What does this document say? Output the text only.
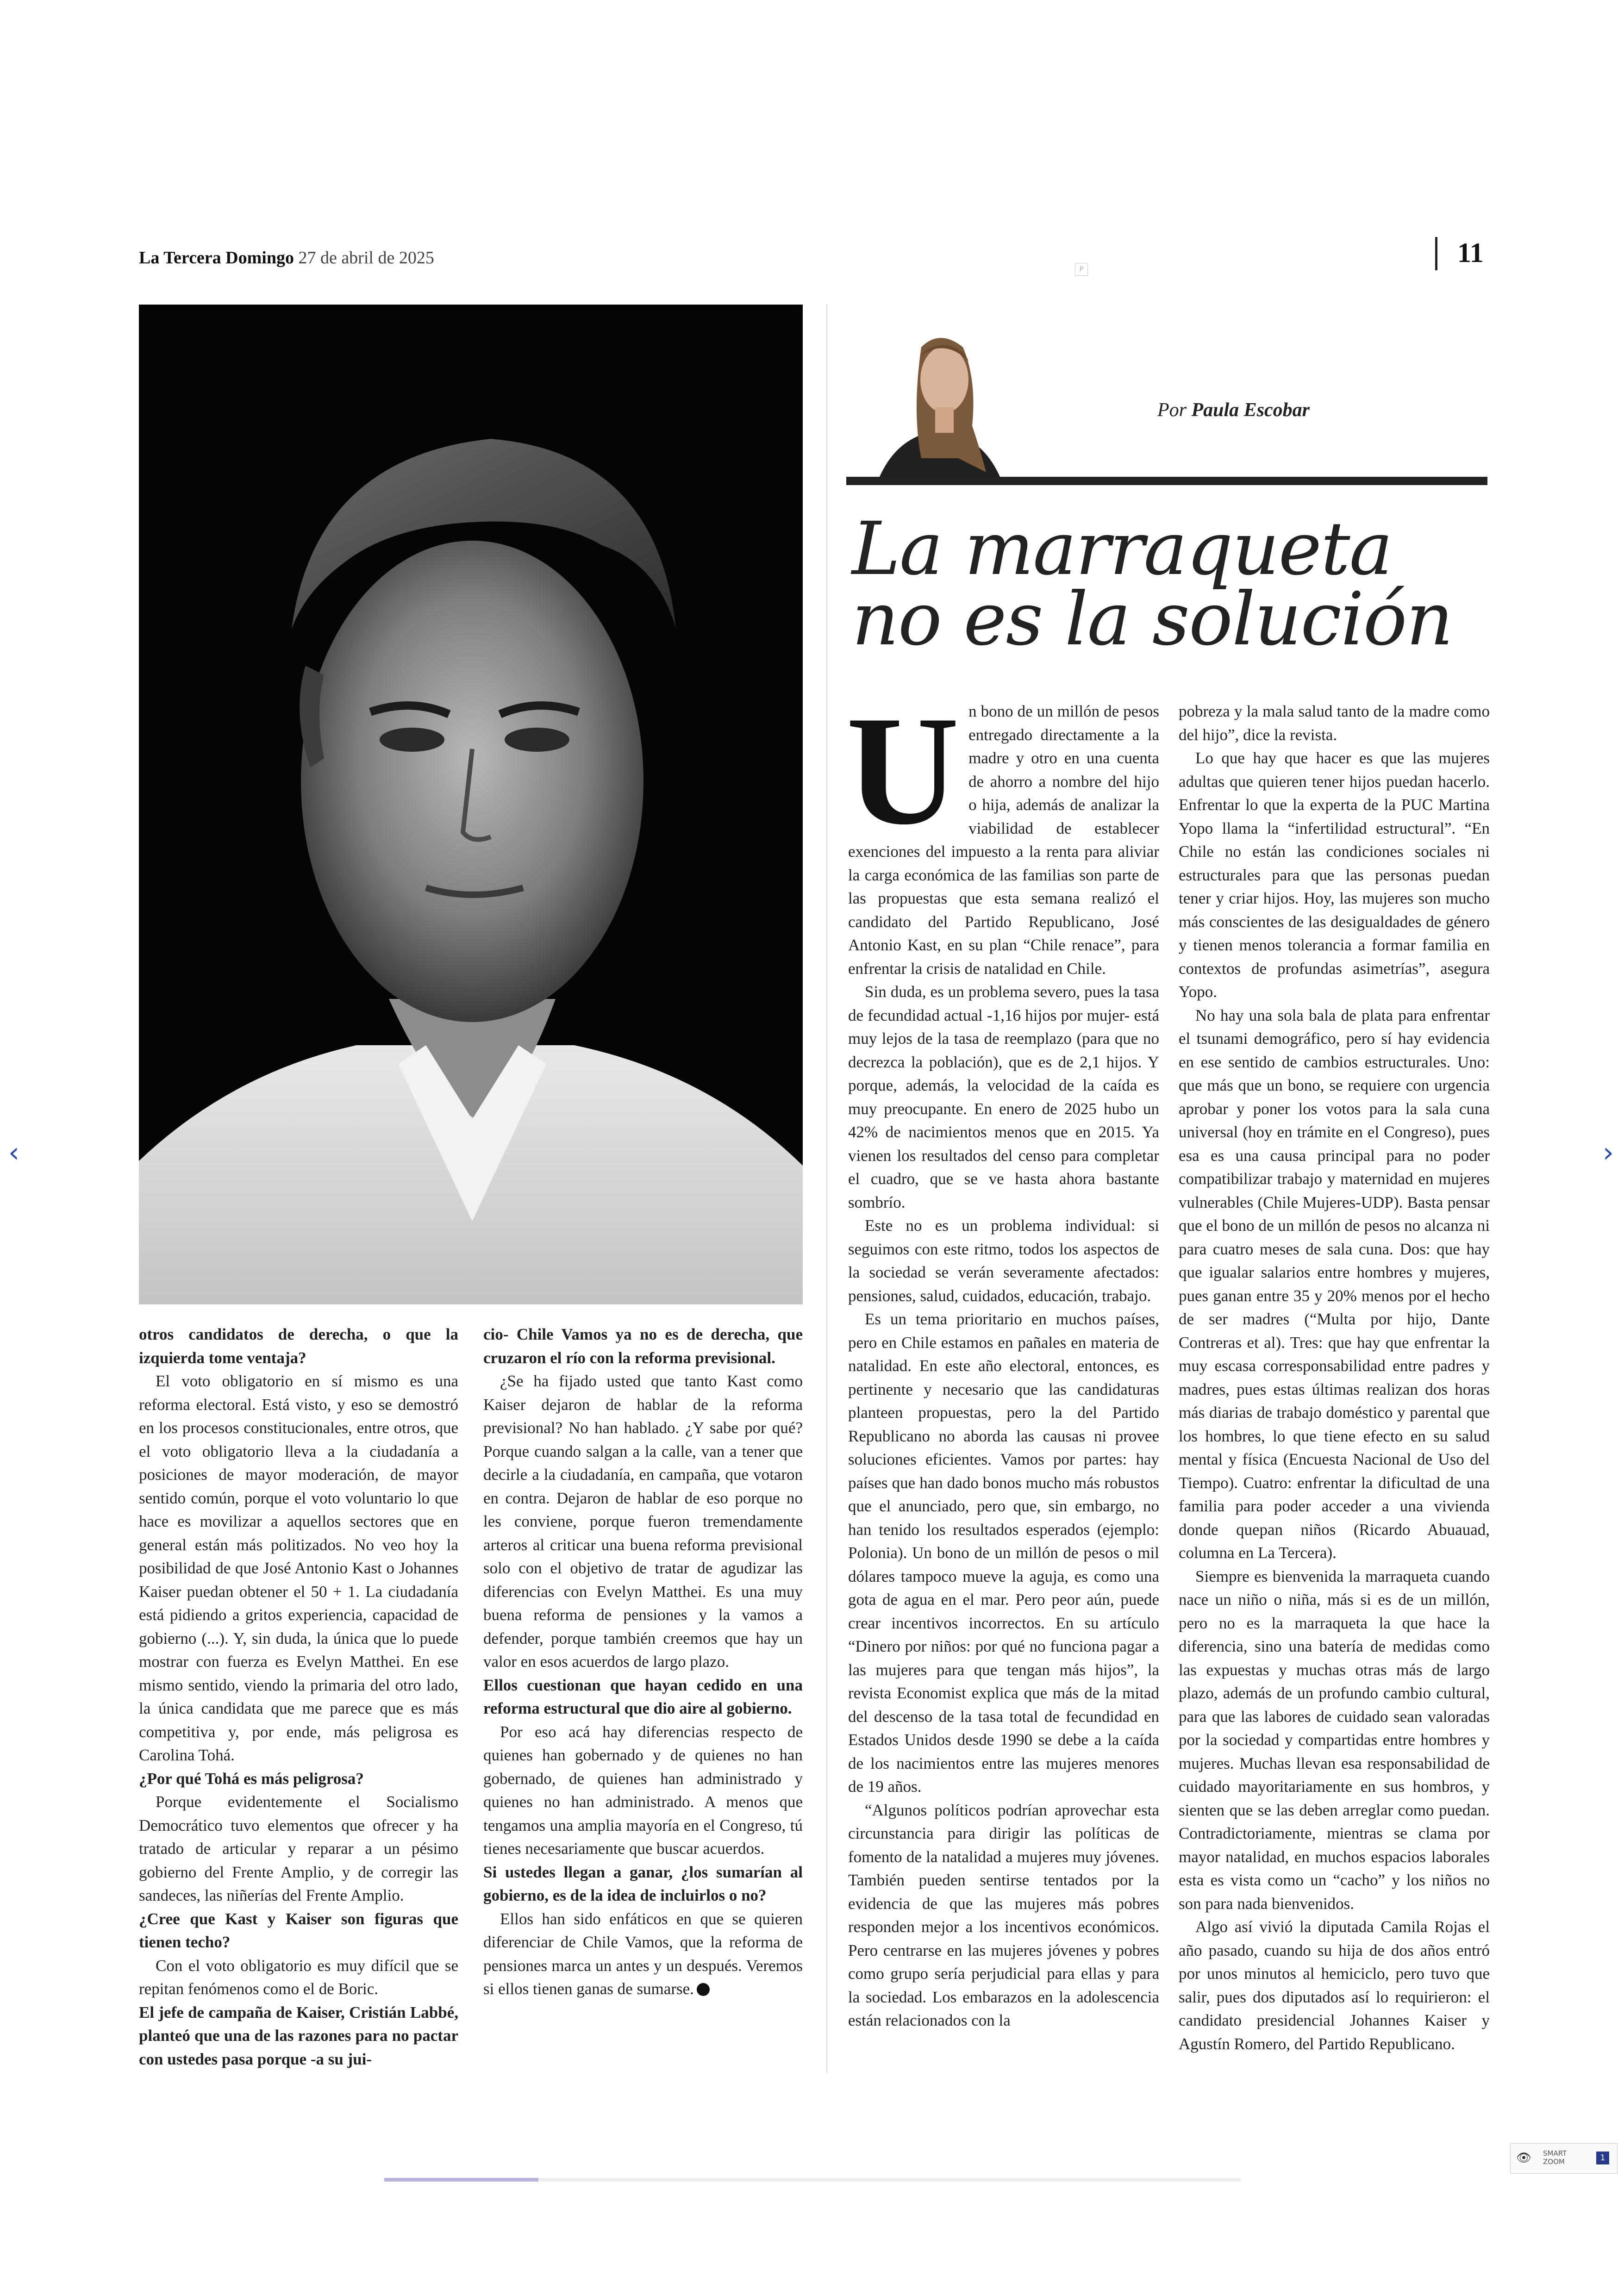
La Tercera Domingo 27 de abril de 2025	11
P
Por Paula Escobar
La marraqueta
no es la solución

otros candidatos de derecha, o que la izquierda tome ventaja?

El voto obligatorio en sí mismo es una reforma electoral. Está visto, y eso se demostró en los procesos constitucionales, entre otros, que el voto obligatorio lleva a la ciudadanía a posiciones de mayor moderación, de mayor sentido común, porque el voto voluntario lo que hace es movilizar a aquellos sectores que en general están más politizados. No veo hoy la posibilidad de que José Antonio Kast o Johannes Kaiser puedan obtener el 50 + 1. La ciudadanía está pidiendo a gritos experiencia, capacidad de gobierno (...). Y, sin duda, la única que lo puede mostrar con fuerza es Evelyn Matthei. En ese mismo sentido, viendo la primaria del otro lado, la única candidata que me parece que es más competitiva y, por ende, más peligrosa es Carolina Tohá.

¿Por qué Tohá es más peligrosa?

Porque evidentemente el Socialismo Democrático tuvo elementos que ofrecer y ha tratado de articular y reparar a un pésimo gobierno del Frente Amplio, y de corregir las sandeces, las niñerías del Frente Amplio.

¿Cree que Kast y Kaiser son figuras que tienen techo?

Con el voto obligatorio es muy difícil que se repitan fenómenos como el de Boric.

El jefe de campaña de Kaiser, Cristián Labbé, planteó que una de las razones para no pactar con ustedes pasa porque -a su jui-

cio- Chile Vamos ya no es de derecha, que cruzaron el río con la reforma previsional.

¿Se ha fijado usted que tanto Kast como Kaiser dejaron de hablar de la reforma previsional? No han hablado. ¿Y sabe por qué? Porque cuando salgan a la calle, van a tener que decirle a la ciudadanía, en campaña, que votaron en contra. Dejaron de hablar de eso porque no les conviene, porque fueron tremendamente arteros al criticar una buena reforma previsional solo con el objetivo de tratar de agudizar las diferencias con Evelyn Matthei. Es una muy buena reforma de pensiones y la vamos a defender, porque también creemos que hay un valor en esos acuerdos de largo plazo.

Ellos cuestionan que hayan cedido en una reforma estructural que dio aire al gobierno.

Por eso acá hay diferencias respecto de quienes han gobernado y de quienes no han gobernado, de quienes han administrado y quienes no han administrado. A menos que tengamos una amplia mayoría en el Congreso, tú tienes necesariamente que buscar acuerdos.

Si ustedes llegan a ganar, ¿los sumarían al gobierno, es de la idea de incluirlos o no?

Ellos han sido enfáticos en que se quieren diferenciar de Chile Vamos, que la reforma de pensiones marca un antes y un después. Veremos si ellos tienen ganas de sumarse.

U n bono de un millón de pesos entregado directamente a la madre y otro en una cuenta de ahorro a nombre del hijo o hija, además de analizar la viabilidad de establecer exenciones del impuesto a la renta para aliviar la carga económica de las familias son parte de las propuestas que esta semana realizó el candidato del Partido Republicano, José Antonio Kast, en su plan “Chile renace”, para enfrentar la crisis de natalidad en Chile.

Sin duda, es un problema severo, pues la tasa de fecundidad actual -1,16 hijos por mujer- está muy lejos de la tasa de reemplazo (para que no decrezca la población), que es de 2,1 hijos. Y porque, además, la velocidad de la caída es muy preocupante. En enero de 2025 hubo un 42% de nacimientos menos que en 2015. Ya vienen los resultados del censo para completar el cuadro, que se ve hasta ahora bastante sombrío.

Este no es un problema individual: si seguimos con este ritmo, todos los aspectos de la sociedad se verán severamente afectados: pensiones, salud, cuidados, educación, trabajo.

Es un tema prioritario en muchos países, pero en Chile estamos en pañales en materia de natalidad. En este año electoral, entonces, es pertinente y necesario que las candidaturas planteen propuestas, pero la del Partido Republicano no aborda las causas ni provee soluciones eficientes. Vamos por partes: hay países que han dado bonos mucho más robustos que el anunciado, pero que, sin embargo, no han tenido los resultados esperados (ejemplo: Polonia). Un bono de un millón de pesos o mil dólares tampoco mueve la aguja, es como una gota de agua en el mar. Pero peor aún, puede crear incentivos incorrectos. En su artículo “Dinero por niños: por qué no funciona pagar a las mujeres para que tengan más hijos”, la revista Economist explica que más de la mitad del descenso de la tasa total de fecundidad en Estados Unidos desde 1990 se debe a la caída de los nacimientos entre las mujeres menores de 19 años.

“Algunos políticos podrían aprovechar esta circunstancia para dirigir las políticas de fomento de la natalidad a mujeres muy jóvenes. También pueden sentirse tentados por la evidencia de que las mujeres más pobres responden mejor a los incentivos económicos. Pero centrarse en las mujeres jóvenes y pobres como grupo sería perjudicial para ellas y para la sociedad. Los embarazos en la adolescencia están relacionados con la

pobreza y la mala salud tanto de la madre como del hijo”, dice la revista.

Lo que hay que hacer es que las mujeres adultas que quieren tener hijos puedan hacerlo. Enfrentar lo que la experta de la PUC Martina Yopo llama la “infertilidad estructural”. “En Chile no están las condiciones sociales ni estructurales para que las personas puedan tener y criar hijos. Hoy, las mujeres son mucho más conscientes de las desigualdades de género y tienen menos tolerancia a formar familia en contextos de profundas asimetrías”, asegura Yopo.

No hay una sola bala de plata para enfrentar el tsunami demográfico, pero sí hay evidencia en ese sentido de cambios estructurales. Uno: que más que un bono, se requiere con urgencia aprobar y poner los votos para la sala cuna universal (hoy en trámite en el Congreso), pues esa es una causa principal para no poder compatibilizar trabajo y maternidad en mujeres vulnerables (Chile Mujeres-UDP). Basta pensar que el bono de un millón de pesos no alcanza ni para cuatro meses de sala cuna. Dos: que hay que igualar salarios entre hombres y mujeres, pues ganan entre 35 y 20% menos por el hecho de ser madres (“Multa por hijo, Dante Contreras et al). Tres: que hay que enfrentar la muy escasa corresponsabilidad entre padres y madres, pues estas últimas realizan dos horas más diarias de trabajo doméstico y parental que los hombres, lo que tiene efecto en su salud mental y física (Encuesta Nacional de Uso del Tiempo). Cuatro: enfrentar la dificultad de una familia para poder acceder a una vivienda donde quepan niños (Ricardo Abuauad, columna en La Tercera).

Siempre es bienvenida la marraqueta cuando nace un niño o niña, más si es de un millón, pero no es la marraqueta la que hace la diferencia, sino una batería de medidas como las expuestas y muchas otras más de largo plazo, además de un profundo cambio cultural, para que las labores de cuidado sean valoradas por la sociedad y compartidas entre hombres y mujeres. Muchas llevan esa responsabilidad de cuidado mayoritariamente en sus hombros, y sienten que se las deben arreglar como puedan. Contradictoriamente, mientras se clama por mayor natalidad, en muchos espacios laborales esta es vista como un “cacho” y los niños no son para nada bienvenidos.

Algo así vivió la diputada Camila Rojas el año pasado, cuando su hija de dos años entró por unos minutos al hemiciclo, pero tuvo que salir, pues dos diputados así lo requirieron: el candidato presidencial Johannes Kaiser y Agustín Romero, del Partido Republicano.

‹	›
👁 SMART ZOOM	1
